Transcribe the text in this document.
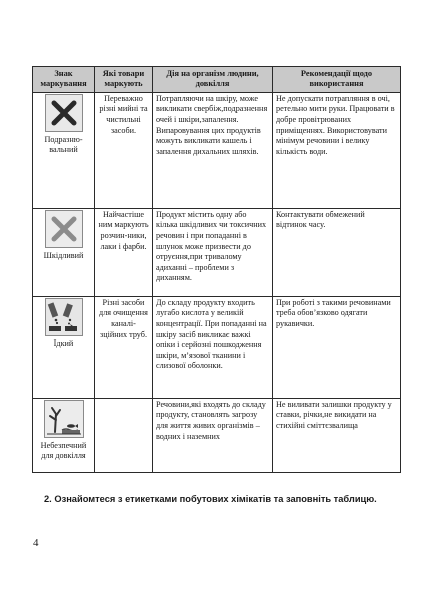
Знак маркування	Які товари маркують	Дія на організм людини, довкілля	Рекомендації щодо використання

Подразню-вальний	Переважно різні мийні та чистильні засоби.	Потрапляючи на шкіру, може викликати свербіж,подразнення очей і шкіри,запалення. Випаровування цих продуктів можуть викликати кашель і запалення дихальних шляхів.	Не допускати потрапляння в очі, ретельно мити руки. Працювати в добре провітрюваних приміщеннях. Використовувати мінімум речовини і велику кількість води.

Шкідливий	Найчастіше ним маркують розчин-ники, лаки і фарби.	Продукт містить одну або кілька шкідливих чи токсичних речовин і при попаданні в шлунок може призвести до отруєння,при тривалому адиханні – проблеми з диханням.	Контактувати обмежений відтинок часу.

Їдкий	Різні засоби для очищення каналі-зційних труб.	До складу продукту входить лугабо кислота у великій концентрації. При попаданні на шкіру засіб викликає важкі опіки і серйозні пошкодження шкіри, м’язової тканини і слизової оболонки.	При роботі з такими речовинами треба обов’язково одягати рукавички.

Небезпечний для довкілля		Речовини,які входять до складу продукту, становлять загрозу для життя живих організмів – водних і наземних	Не виливати залишки продукту у ставки, річки,не викидати на стихійні сміттєзвалища
2. Ознайомтеся з етикетками побутових хімікатів та заповніть таблицю.
4
